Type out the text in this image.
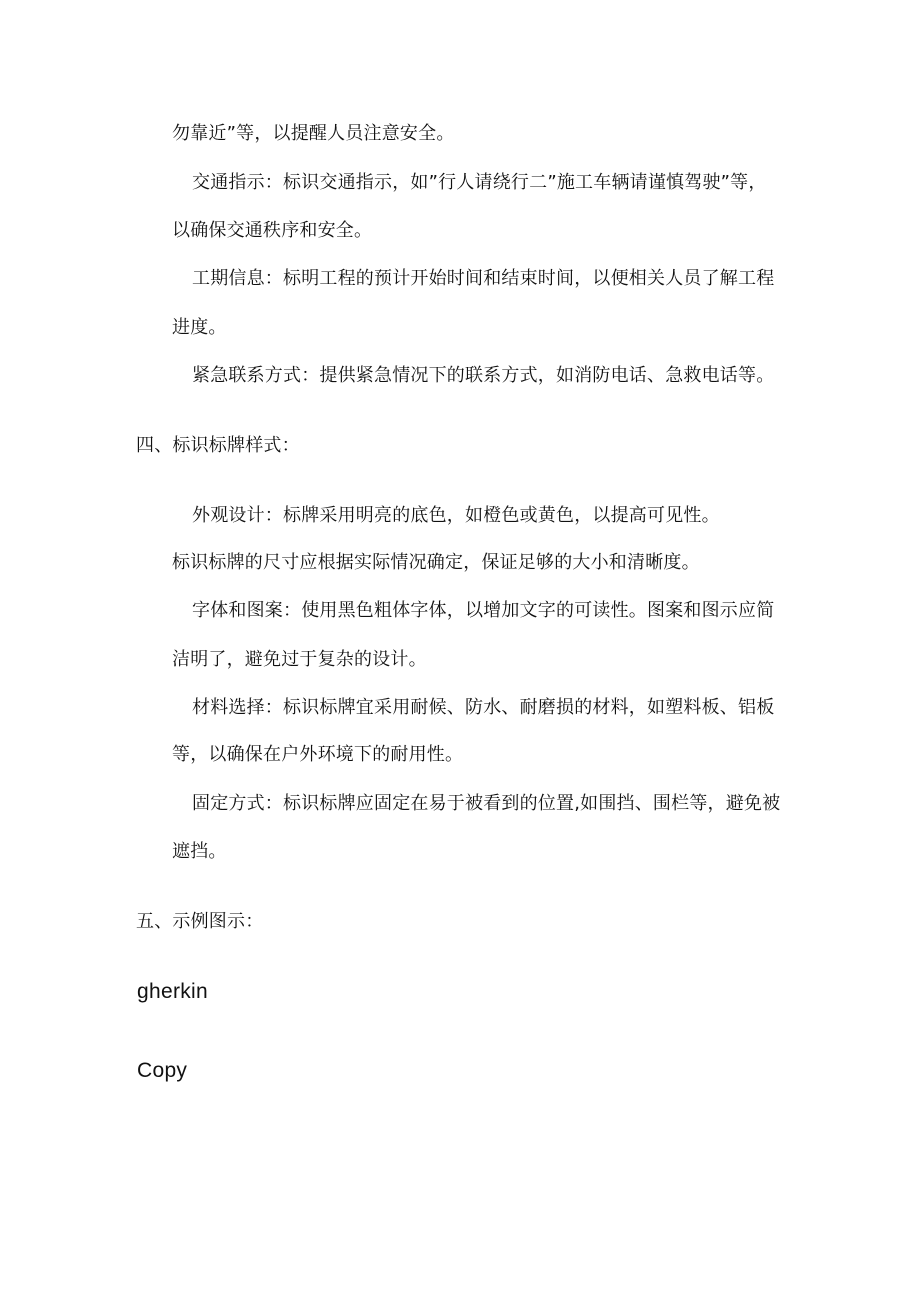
勿靠近”等，以提醒人员注意安全。
交通指示：标识交通指示，如”行人请绕行二”施工车辆请谨慎驾驶”等，
以确保交通秩序和安全。
工期信息：标明工程的预计开始时间和结束时间，以便相关人员了解工程
进度。
紧急联系方式：提供紧急情况下的联系方式，如消防电话、急救电话等。
四、标识标牌样式：
外观设计：标牌采用明亮的底色，如橙色或黄色，以提高可见性。
标识标牌的尺寸应根据实际情况确定，保证足够的大小和清晰度。
字体和图案：使用黑色粗体字体，以增加文字的可读性。图案和图示应简
洁明了，避免过于复杂的设计。
材料选择：标识标牌宜采用耐候、防水、耐磨损的材料，如塑料板、铝板
等，以确保在户外环境下的耐用性。
固定方式：标识标牌应固定在易于被看到的位置,如围挡、围栏等，避免被
遮挡。
五、示例图示：
gherkin
Copy
